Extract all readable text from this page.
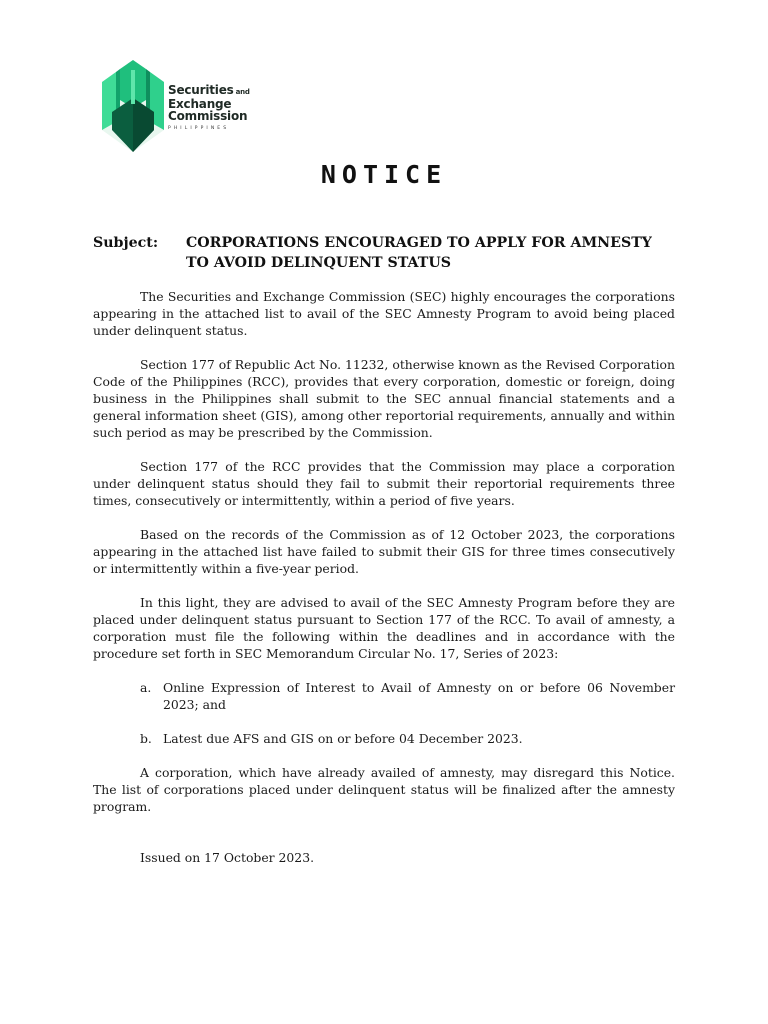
Securities and
Exchange
Commission
PHILIPPINES
NOTICE
Subject: CORPORATIONS ENCOURAGED TO APPLY FOR AMNESTY
TO AVOID DELINQUENT STATUS

The Securities and Exchange Commission (SEC) highly encourages the corporations appearing in the attached list to avail of the SEC Amnesty Program to avoid being placed under delinquent status.

Section 177 of Republic Act No. 11232, otherwise known as the Revised Corporation Code of the Philippines (RCC), provides that every corporation, domestic or foreign, doing business in the Philippines shall submit to the SEC annual financial statements and a general information sheet (GIS), among other reportorial requirements, annually and within such period as may be prescribed by the Commission.

Section 177 of the RCC provides that the Commission may place a corporation under delinquent status should they fail to submit their reportorial requirements three times, consecutively or intermittently, within a period of five years.

Based on the records of the Commission as of 12 October 2023, the corporations appearing in the attached list have failed to submit their GIS for three times consecutively or intermittently within a five-year period.

In this light, they are advised to avail of the SEC Amnesty Program before they are placed under delinquent status pursuant to Section 177 of the RCC. To avail of amnesty, a corporation must file the following within the deadlines and in accordance with the procedure set forth in SEC Memorandum Circular No. 17, Series of 2023:

a. Online Expression of Interest to Avail of Amnesty on or before 06 November 2023; and
b. Latest due AFS and GIS on or before 04 December 2023.

A corporation, which have already availed of amnesty, may disregard this Notice. The list of corporations placed under delinquent status will be finalized after the amnesty program.

Issued on 17 October 2023.
